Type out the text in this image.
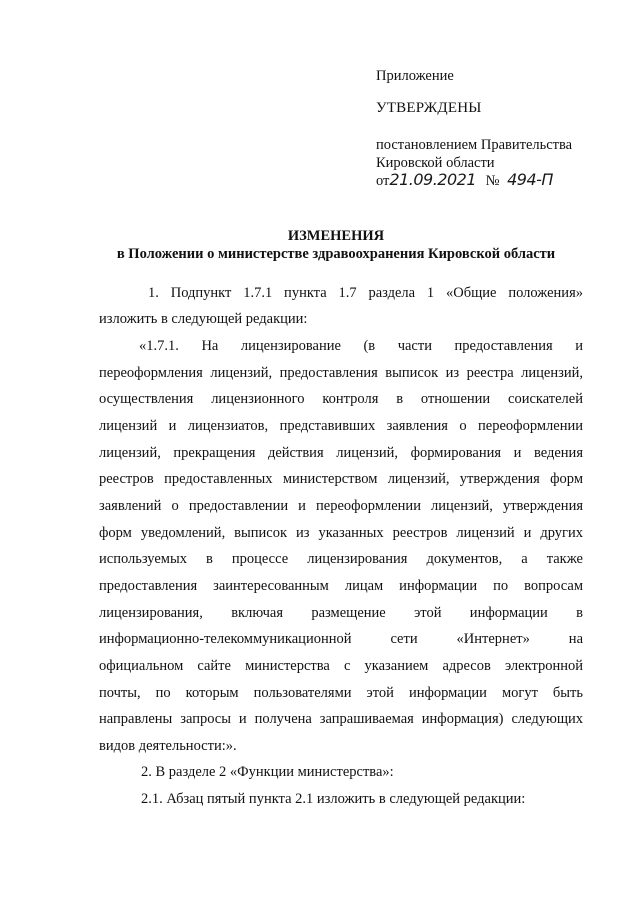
Приложение
УТВЕРЖДЕНЫ
постановлением Правительства
Кировской области
от21.09.2021 № 494-П
ИЗМЕНЕНИЯ
в Положении о министерстве здравоохранения Кировской области
1. Подпункт 1.7.1 пункта 1.7 раздела 1 «Общие положения»
изложить в следующей редакции:
«1.7.1. На лицензирование (в части предоставления и
переоформления лицензий, предоставления выписок из реестра лицензий,
осуществления лицензионного контроля в отношении соискателей
лицензий и лицензиатов, представивших заявления о переоформлении
лицензий, прекращения действия лицензий, формирования и ведения
реестров предоставленных министерством лицензий, утверждения форм
заявлений о предоставлении и переоформлении лицензий, утверждения
форм уведомлений, выписок из указанных реестров лицензий и других
используемых в процессе лицензирования документов, а также
предоставления заинтересованным лицам информации по вопросам
лицензирования, включая размещение этой информации в
информационно-телекоммуникационной сети «Интернет» на
официальном сайте министерства с указанием адресов электронной
почты, по которым пользователями этой информации могут быть
направлены запросы и получена запрашиваемая информация) следующих
видов деятельности:».
2. В разделе 2 «Функции министерства»:
2.1. Абзац пятый пункта 2.1 изложить в следующей редакции:
